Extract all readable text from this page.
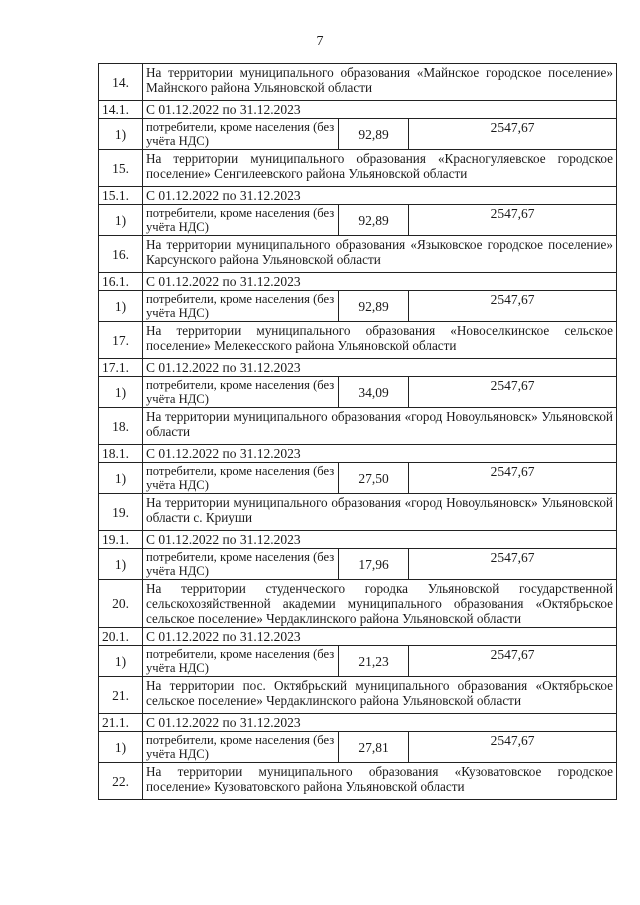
7
14.	На территории муниципального образования «Майнское городское поселение» Майнского района Ульяновской области		
14.1.	С 01.12.2022 по 31.12.2023		
1)	потребители, кроме населения (без учёта НДС)	92,89	2547,67
15.	На территории муниципального образования «Красногуляевское городское поселение» Сенгилеевского района Ульяновской области		
15.1.	С 01.12.2022 по 31.12.2023		
1)	потребители, кроме населения (без учёта НДС)	92,89	2547,67
16.	На территории муниципального образования «Языковское городское поселение» Карсунского района Ульяновской области		
16.1.	С 01.12.2022 по 31.12.2023		
1)	потребители, кроме населения (без учёта НДС)	92,89	2547,67
17.	На территории муниципального образования «Новоселкинское сельское поселение» Мелекесского района Ульяновской области		
17.1.	С 01.12.2022 по 31.12.2023		
1)	потребители, кроме населения (без учёта НДС)	34,09	2547,67
18.	На территории муниципального образования «город Новоульяновск» Ульяновской области		
18.1.	С 01.12.2022 по 31.12.2023		
1)	потребители, кроме населения (без учёта НДС)	27,50	2547,67
19.	На территории муниципального образования «город Новоульяновск» Ульяновской области с. Криуши		
19.1.	С 01.12.2022 по 31.12.2023		
1)	потребители, кроме населения (без учёта НДС)	17,96	2547,67
20.	На территории студенческого городка Ульяновской государственной сельскохозяйственной академии муниципального образования «Октябрьское сельское поселение» Чердаклинского района Ульяновской области		
20.1.	С 01.12.2022 по 31.12.2023		
1)	потребители, кроме населения (без учёта НДС)	21,23	2547,67
21.	На территории пос. Октябрьский муниципального образования «Октябрьское сельское поселение» Чердаклинского района Ульяновской области		
21.1.	С 01.12.2022 по 31.12.2023		
1)	потребители, кроме населения (без учёта НДС)	27,81	2547,67
22.	На территории муниципального образования «Кузоватовское городское поселение» Кузоватовского района Ульяновской области		
